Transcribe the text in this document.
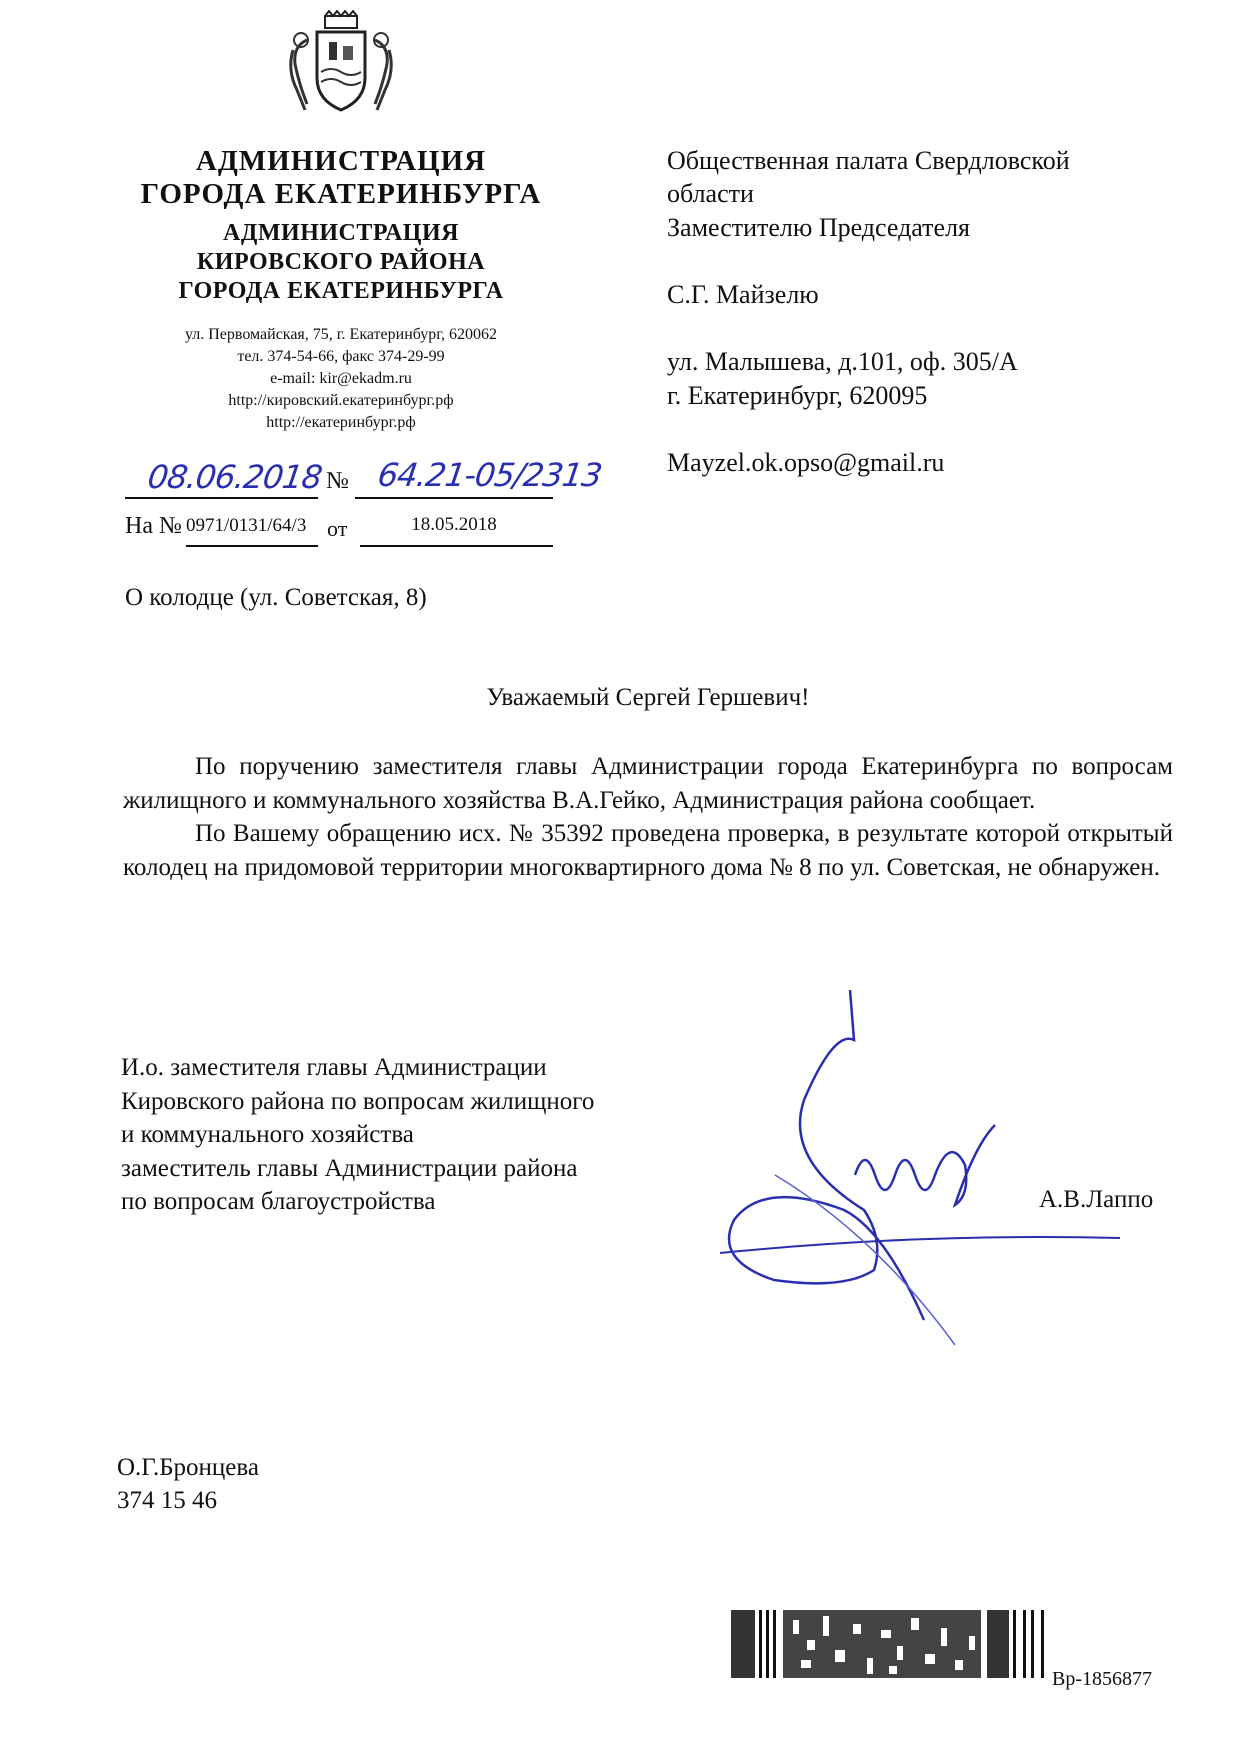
АДМИНИСТРАЦИЯ
ГОРОДА ЕКАТЕРИНБУРГА
АДМИНИСТРАЦИЯ
КИРОВСКОГО РАЙОНА
ГОРОДА ЕКАТЕРИНБУРГА
ул. Первомайская, 75, г. Екатеринбург, 620062
тел. 374-54-66, факс 374-29-99
e-mail: kir@ekadm.ru
http://кировский.екатеринбург.рф
http://екатеринбург.рф
08.06.2018 № 64.21-05/2313
На № 0971/0131/64/3 от	18.05.2018
Общественная палата Свердловской
области
Заместителю Председателя
С.Г. Майзелю
ул. Малышева, д.101, оф. 305/А
г. Екатеринбург, 620095
Mayzel.ok.opso@gmail.ru
О колодце (ул. Советская, 8)
Уважаемый Сергей Гершевич!

По поручению заместителя главы Администрации города Екатеринбурга по вопросам жилищного и коммунального хозяйства В.А.Гейко, Администрация района сообщает.

По Вашему обращению исх. № 35392 проведена проверка, в результате которой открытый колодец на придомовой территории многоквартирного дома № 8 по ул. Советская, не обнаружен.

И.о. заместителя главы Администрации
Кировского района по вопросам жилищного
и коммунального хозяйства
заместитель главы Администрации района
по вопросам благоустройства	А.В.Лаппо
О.Г.Бронцева
374 15 46
Вр-1856877
